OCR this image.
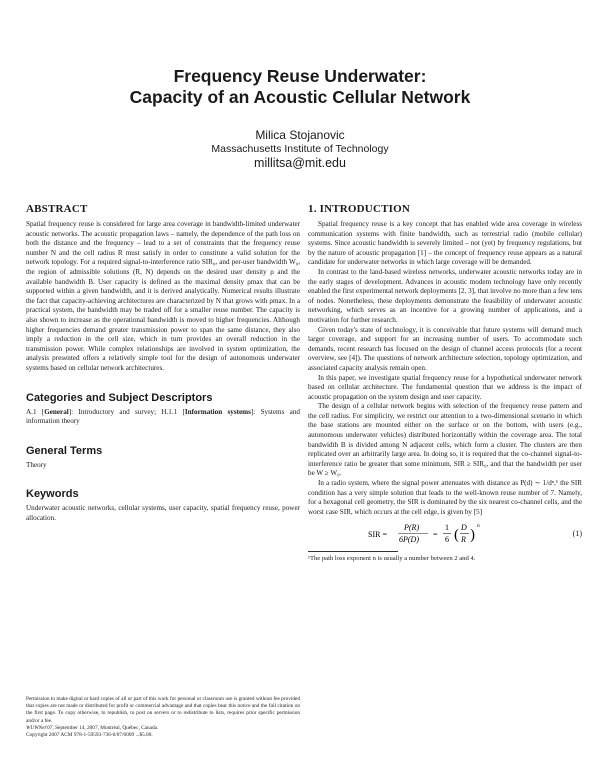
Frequency Reuse Underwater:
Capacity of an Acoustic Cellular Network
Milica Stojanovic
Massachusetts Institute of Technology
millitsa@mit.edu
ABSTRACT

Spatial frequency reuse is considered for large area coverage in bandwidth-limited underwater acoustic networks. The acoustic propagation laws – namely, the dependence of the path loss on both the distance and the frequency – lead to a set of constraints that the frequency reuse number N and the cell radius R must satisfy in order to constitute a valid solution for the network topology. For a required signal-to-interference ratio SIR₀, and per-user bandwidth W₀, the region of admissible solutions (R, N) depends on the desired user density ρ and the available bandwidth B. User capacity is defined as the maximal density ρmax that can be supported within a given bandwidth, and it is derived analytically. Numerical results illustrate the fact that capacity-achieving architectures are characterized by N that grows with ρmax. In a practical system, the bandwidth may be traded off for a smaller reuse number. The capacity is also shown to increase as the operational bandwidth is moved to higher frequencies. Although higher frequencies demand greater transmission power to span the same distance, they also imply a reduction in the cell size, which in turn provides an overall reduction in the transmission power. While complex relationships are involved in system optimization, the analysis presented offers a relatively simple tool for the design of autonomous underwater systems based on cellular network architectures.

Categories and Subject Descriptors

A.1 [General]: Introductory and survey; H.1.1 [Information systems]: Systems and information theory

General Terms

Theory

Keywords

Underwater acoustic networks, cellular systems, user capacity, spatial frequency reuse, power allocation.

Permission to make digital or hard copies of all or part of this work for personal or classroom use is granted without fee provided that copies are not made or distributed for profit or commercial advantage and that copies bear this notice and the full citation on the first page. To copy otherwise, to republish, to post on servers or to redistribute to lists, requires prior specific permission and/or a fee.
WUWNet'07, September 14, 2007, Montréal, Québec, Canada.
Copyright 2007 ACM 978-1-59593-736-0/07/0009 ...$5.00.
1. INTRODUCTION

Spatial frequency reuse is a key concept that has enabled wide area coverage in wireless communication systems with finite bandwidth, such as terrestrial radio (mobile cellular) systems. Since acoustic bandwidth is severely limited – not (yet) by frequency regulations, but by the nature of acoustic propagation [1] – the concept of frequency reuse appears as a natural candidate for underwater networks in which large coverage will be demanded.

In contrast to the land-based wireless networks, underwater acoustic networks today are in the early stages of development. Advances in acoustic modem technology have only recently enabled the first experimental network deployments [2, 3], that involve no more than a few tens of nodes. Nonetheless, these deployments demonstrate the feasibility of underwater acoustic networking, which serves as an incentive for a growing number of applications, and a motivation for further research.

Given today's state of technology, it is conceivable that future systems will demand much larger coverage, and support for an increasing number of users. To accommodate such demands, recent research has focused on the design of channel access protocols (for a recent overview, see [4]). The questions of network architecture selection, topology optimization, and associated capacity analysis remain open.

In this paper, we investigate spatial frequency reuse for a hypothetical underwater network based on cellular architecture. The fundamental question that we address is the impact of acoustic propagation on the system design and user capacity.

The design of a cellular network begins with selection of the frequency reuse pattern and the cell radius. For simplicity, we restrict our attention to a two-dimensional scenario in which the base stations are mounted either on the surface or on the bottom, with users (e.g., autonomous underwater vehicles) distributed horizontally within the coverage area. The total bandwidth B is divided among N adjacent cells, which form a cluster. The clusters are then replicated over an arbitrarily large area. In doing so, it is required that the co-channel signal-to-interference ratio be greater than some minimum, SIR ≥ SIR₀, and that the bandwidth per user be W ≥ W₀.

In a radio system, where the signal power attenuates with distance as P(d) ∼ 1/dⁿ,¹ the SIR condition has a very simple solution that leads to the well-known reuse number of 7. Namely, for a hexagonal cell geometry, the SIR is dominated by the six nearest co-channel cells, and the worst case SIR, which occurs at the cell edge, is given by [5]

SIR =
P(R)
6P(D)
=
1
6 ( D
R )
n
(1)

¹The path loss exponent n is usually a number between 2 and 4.
